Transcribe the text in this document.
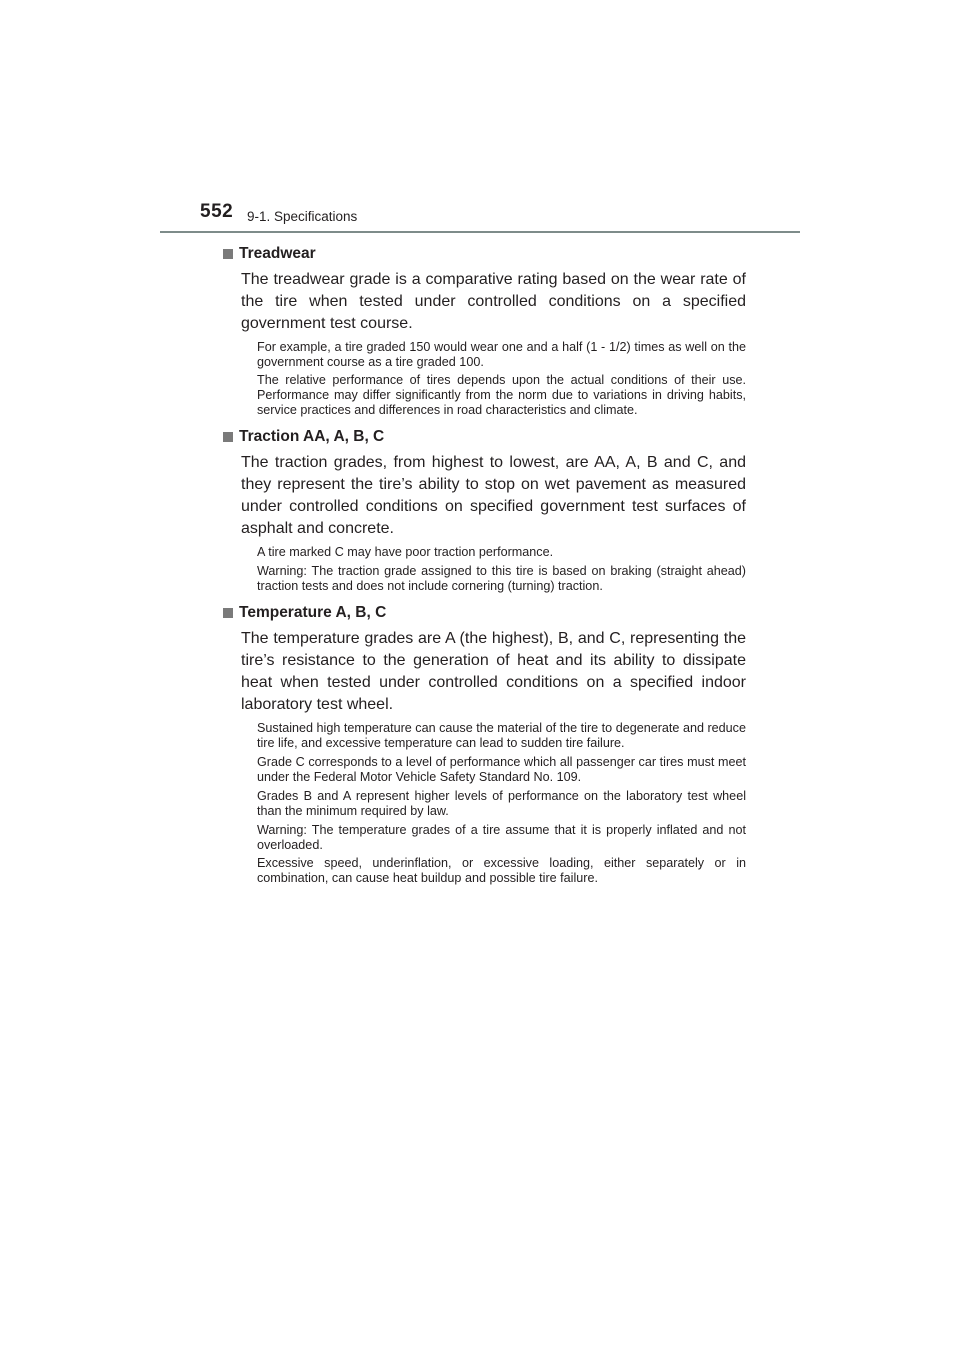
552 9-1. Specifications
Treadwear

The treadwear grade is a comparative rating based on the wear rate of the tire when tested under controlled conditions on a specified government test course.

For example, a tire graded 150 would wear one and a half (1 - 1/2) times as well on the government course as a tire graded 100.

The relative performance of tires depends upon the actual conditions of their use. Performance may differ significantly from the norm due to variations in driving habits, service practices and differences in road characteristics and climate.

Traction AA, A, B, C

The traction grades, from highest to lowest, are AA, A, B and C, and they represent the tire’s ability to stop on wet pavement as measured under controlled conditions on specified government test surfaces of asphalt and concrete.

A tire marked C may have poor traction performance.

Warning: The traction grade assigned to this tire is based on braking (straight ahead) traction tests and does not include cornering (turning) traction.

Temperature A, B, C

The temperature grades are A (the highest), B, and C, representing the tire’s resistance to the generation of heat and its ability to dissipate heat when tested under controlled conditions on a specified indoor laboratory test wheel.

Sustained high temperature can cause the material of the tire to degenerate and reduce tire life, and excessive temperature can lead to sudden tire failure.

Grade C corresponds to a level of performance which all passenger car tires must meet under the Federal Motor Vehicle Safety Standard No. 109.

Grades B and A represent higher levels of performance on the laboratory test wheel than the minimum required by law.

Warning: The temperature grades of a tire assume that it is properly inflated and not overloaded.

Excessive speed, underinflation, or excessive loading, either separately or in combination, can cause heat buildup and possible tire failure.
